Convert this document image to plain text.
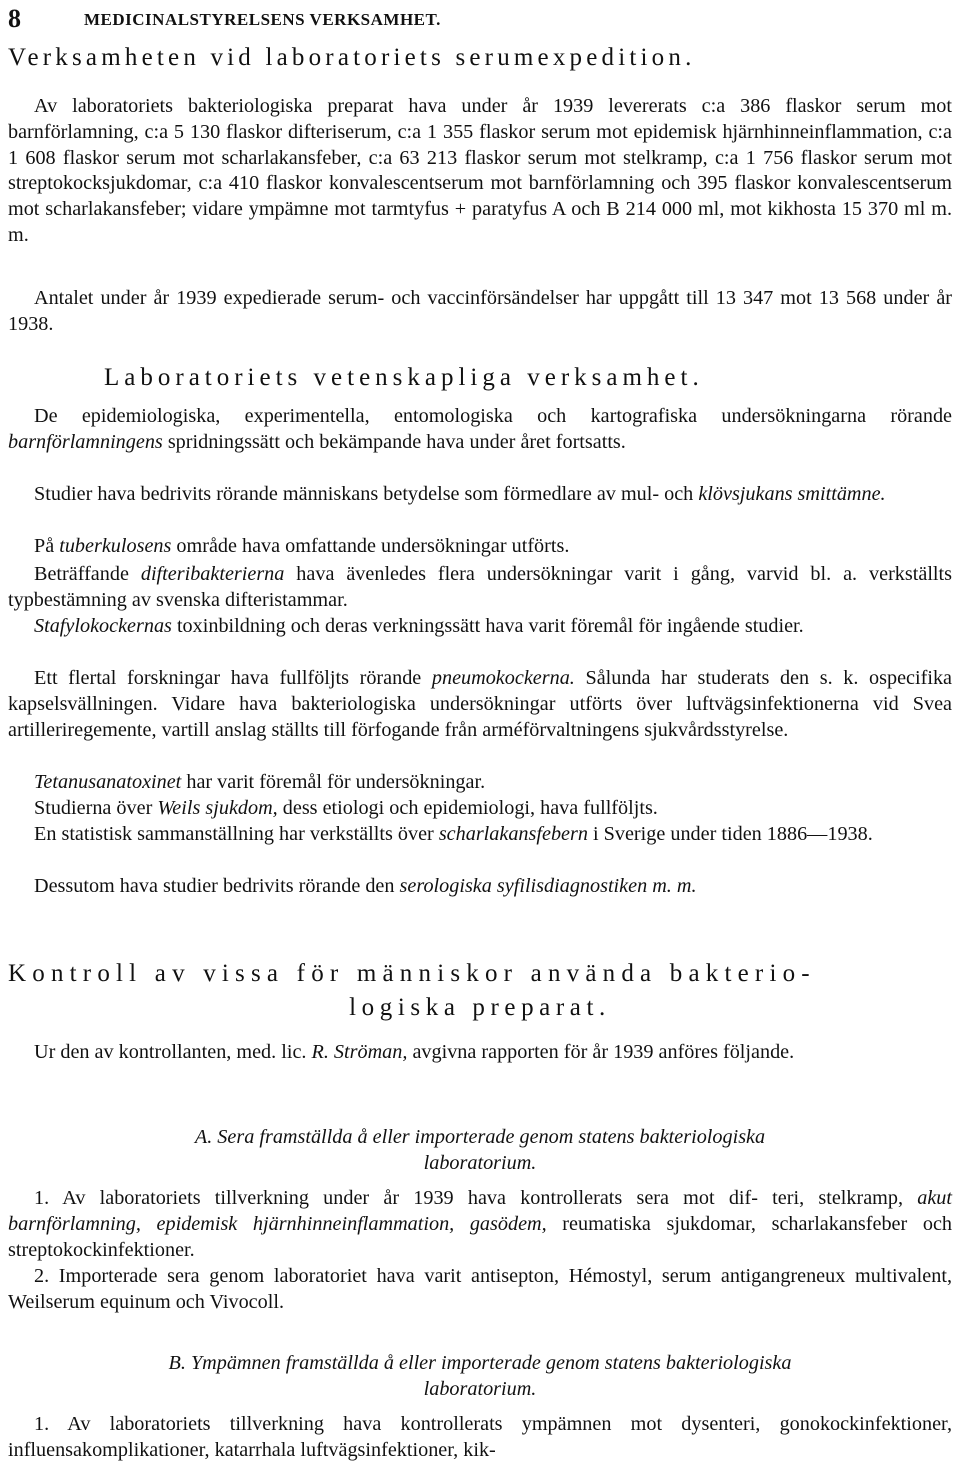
8	MEDICINALSTYRELSENS VERKSAMHET.
Verksamheten vid laboratoriets serumexpedition.
Av laboratoriets bakteriologiska preparat hava under år 1939 levererats c:a 386 flaskor serum mot barnförlamning, c:a 5 130 flaskor difteriserum, c:a 1 355 flaskor serum mot epidemisk hjärnhinneinflammation, c:a 1 608 flaskor serum mot scharlakansfeber, c:a 63 213 flaskor serum mot stelkramp, c:a 1 756 flaskor serum mot streptokocksjukdomar, c:a 410 flaskor konvalescentserum mot barnförlamning och 395 flaskor konvalescentserum mot scharlakansfeber; vidare ympämne mot tarmtyfus + paratyfus A och B 214 000 ml, mot kikhosta 15 370 ml m. m.
Antalet under år 1939 expedierade serum- och vaccinförsändelser har uppgått till 13 347 mot 13 568 under år 1938.
Laboratoriets vetenskapliga verksamhet.
De epidemiologiska, experimentella, entomologiska och kartografiska undersökningarna rörande barnförlamningens spridningssätt och bekämpande hava under året fortsatts.
Studier hava bedrivits rörande människans betydelse som förmedlare av mul- och klövsjukans smittämne.
På tuberkulosens område hava omfattande undersökningar utförts.
Beträffande difteribakterierna hava ävenledes flera undersökningar varit i gång, varvid bl. a. verkställts typbestämning av svenska difteristammar.
Stafylokockernas toxinbildning och deras verkningssätt hava varit föremål för ingående studier.
Ett flertal forskningar hava fullföljts rörande pneumokockerna. Sålunda har studerats den s. k. ospecifika kapselsvällningen. Vidare hava bakteriologiska undersökningar utförts över luftvägsinfektionerna vid Svea artilleriregemente, vartill anslag ställts till förfogande från arméförvaltningens sjukvårdsstyrelse.
Tetanusanatoxinet har varit föremål för undersökningar.
Studierna över Weils sjukdom, dess etiologi och epidemiologi, hava fullföljts.
En statistisk sammanställning har verkställts över scharlakansfebern i Sverige under tiden 1886—1938.
Dessutom hava studier bedrivits rörande den serologiska syfilisdiagnostiken m. m.
Kontroll av vissa för människor använda bakterio-
logiska preparat.
Ur den av kontrollanten, med. lic. R. Ströman, avgivna rapporten för år 1939 anföres följande.
A. Sera framställda å eller importerade genom statens bakteriologiska
laboratorium.
1. Av laboratoriets tillverkning under år 1939 hava kontrollerats sera mot dif- teri, stelkramp, akut barnförlamning, epidemisk hjärnhinneinflammation, gasödem, reumatiska sjukdomar, scharlakansfeber och streptokockinfektioner.
2. Importerade sera genom laboratoriet hava varit antisepton, Hémostyl, serum antigangreneux multivalent, Weilserum equinum och Vivocoll.
B. Ympämnen framställda å eller importerade genom statens bakteriologiska
laboratorium.
1. Av laboratoriets tillverkning hava kontrollerats ympämnen mot dysenteri, gonokockinfektioner, influensakomplikationer, katarrhala luftvägsinfektioner, kik-
